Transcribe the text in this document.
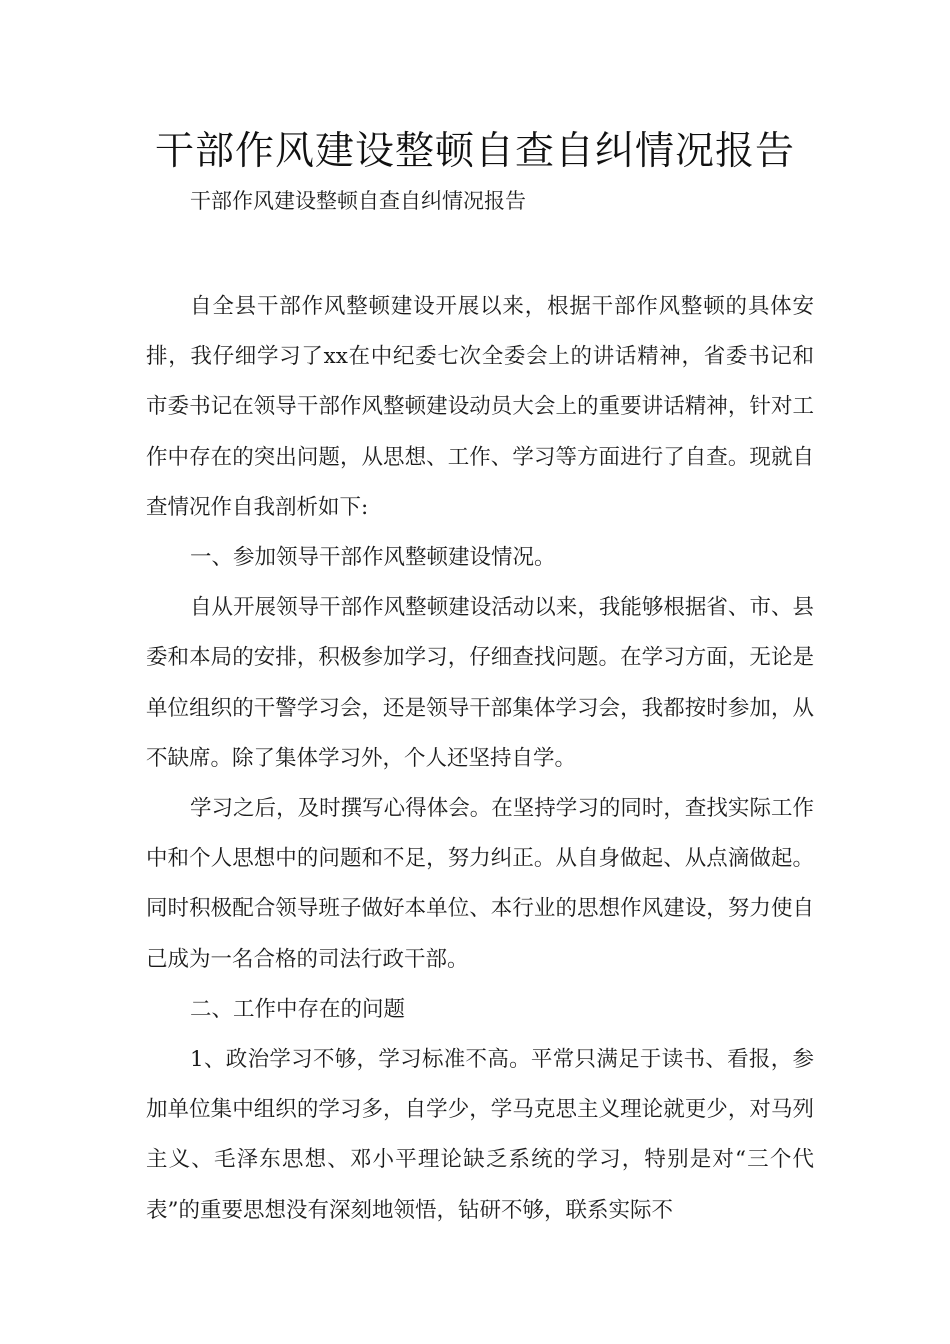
干部作风建设整顿自查自纠情况报告
干部作风建设整顿自查自纠情况报告

自全县干部作风整顿建设开展以来，根据干部作风整顿的具体安排，我仔细学习了xx在中纪委七次全委会上的讲话精神，省委书记和市委书记在领导干部作风整顿建设动员大会上的重要讲话精神，针对工作中存在的突出问题，从思想、工作、学习等方面进行了自查。现就自查情况作自我剖析如下:

一、参加领导干部作风整顿建设情况。

自从开展领导干部作风整顿建设活动以来，我能够根据省、市、县委和本局的安排，积极参加学习，仔细查找问题。在学习方面，无论是单位组织的干警学习会，还是领导干部集体学习会，我都按时参加，从不缺席。除了集体学习外，个人还坚持自学。

学习之后，及时撰写心得体会。在坚持学习的同时，查找实际工作中和个人思想中的问题和不足，努力纠正。从自身做起、从点滴做起。同时积极配合领导班子做好本单位、本行业的思想作风建设，努力使自己成为一名合格的司法行政干部。

二、工作中存在的问题

1、政治学习不够，学习标准不高。平常只满足于读书、看报，参加单位集中组织的学习多，自学少，学马克思主义理论就更少，对马列主义、毛泽东思想、邓小平理论缺乏系统的学习，特别是对“三个代表”的重要思想没有深刻地领悟，钻研不够，联系实际不
